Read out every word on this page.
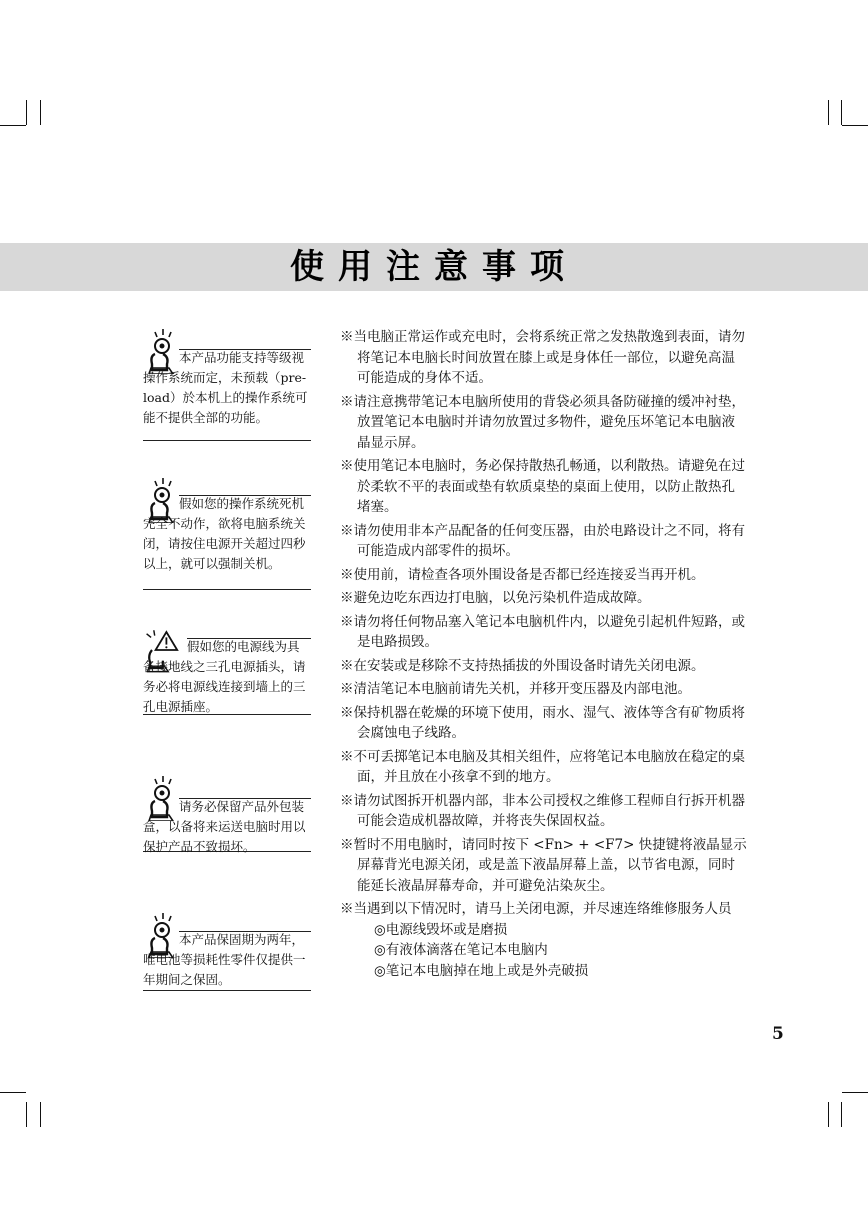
使用注意事项
本产品功能支持等级视操作系统而定，未预载（pre-load）於本机上的操作系统可能不提供全部的功能。
假如您的操作系统死机完全不动作，欲将电脑系统关闭，请按住电源开关超过四秒以上，就可以强制关机。
假如您的电源线为具备接地线之三孔电源插头，请务必将电源线连接到墙上的三孔电源插座。
请务必保留产品外包装盒，以备将来运送电脑时用以保护产品不致损坏。
本产品保固期为两年，唯电池等损耗性零件仅提供一年期间之保固。
※当电脑正常运作或充电时，会将系统正常之发热散逸到表面，请勿将笔记本电脑长时间放置在膝上或是身体任一部位，以避免高温可能造成的身体不适。
※请注意携带笔记本电脑所使用的背袋必须具备防碰撞的缓冲衬垫，放置笔记本电脑时并请勿放置过多物件，避免压坏笔记本电脑液晶显示屏。
※使用笔记本电脑时，务必保持散热孔畅通，以利散热。请避免在过於柔软不平的表面或垫有软质桌垫的桌面上使用，以防止散热孔堵塞。
※请勿使用非本产品配备的任何变压器，由於电路设计之不同，将有可能造成内部零件的损坏。
※使用前，请检查各项外围设备是否都已经连接妥当再开机。
※避免边吃东西边打电脑，以免污染机件造成故障。
※请勿将任何物品塞入笔记本电脑机件内，以避免引起机件短路，或是电路损毁。
※在安装或是移除不支持热插拔的外围设备时请先关闭电源。
※清洁笔记本电脑前请先关机，并移开变压器及内部电池。
※保持机器在乾燥的环境下使用，雨水、湿气、液体等含有矿物质将会腐蚀电子线路。
※不可丢掷笔记本电脑及其相关组件，应将笔记本电脑放在稳定的桌面，并且放在小孩拿不到的地方。
※请勿试图拆开机器内部，非本公司授权之维修工程师自行拆开机器可能会造成机器故障，并将丧失保固权益。
※暂时不用电脑时，请同时按下 <Fn> + <F7> 快捷键将液晶显示屏幕背光电源关闭，或是盖下液晶屏幕上盖，以节省电源，同时能延长液晶屏幕寿命，并可避免沾染灰尘。
※当遇到以下情况时，请马上关闭电源，并尽速连络维修服务人员
◎电源线毁坏或是磨损
◎有液体滴落在笔记本电脑内
◎笔记本电脑掉在地上或是外壳破损
5
